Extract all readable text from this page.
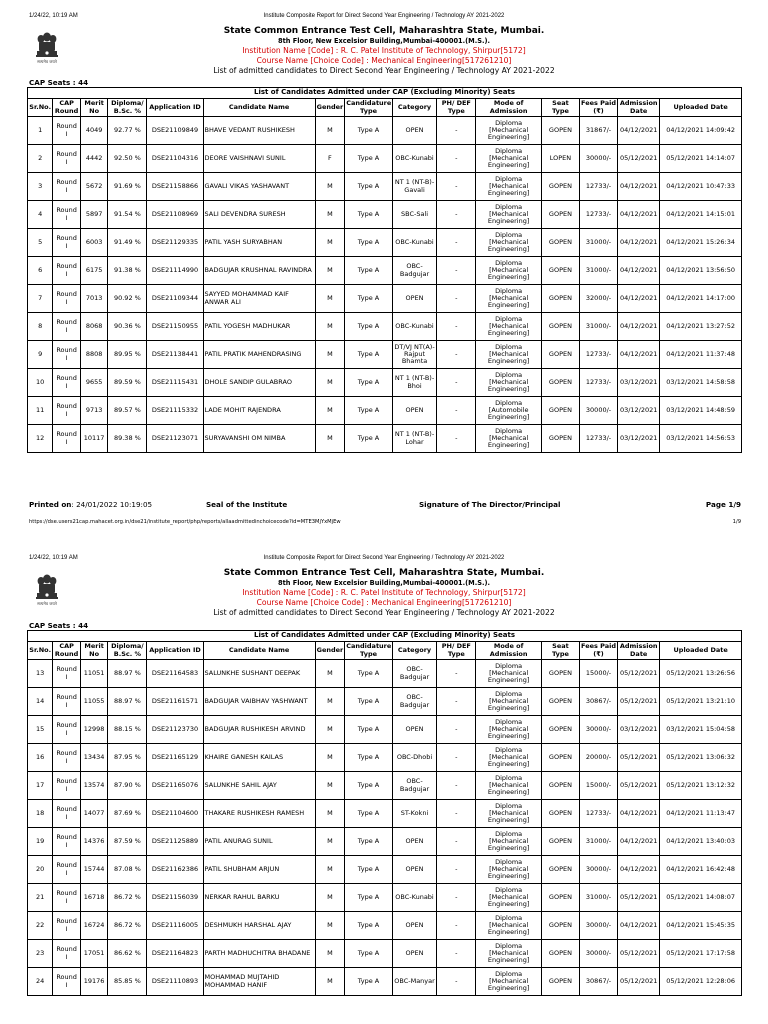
1/24/22, 10:19 AM	Institute Composite Report for Direct Second Year Engineering / Technology AY 2021-2022
सत्यमेव जयते
State Common Entrance Test Cell, Maharashtra State, Mumbai.
8th Floor, New Excelsior Building,Mumbai-400001.(M.S.).
Institution Name [Code] : R. C. Patel Institute of Technology, Shirpur[5172]
Course Name [Choice Code] : Mechanical Engineering[517261210]
List of admitted candidates to Direct Second Year Engineering / Technology AY 2021-2022
CAP Seats : 44
List of Candidates Admitted under CAP (Excluding Minority) Seats														
Sr.No.	CAP Round	Merit No	Diploma/ B.Sc. %	Application ID	Candidate Name	Gender	Candidature Type	Category	PH/ DEF Type	Mode of Admission	Seat Type	Fees Paid (₹)	Admission Date	Uploaded Date
1	Round I	4049	92.77 %	DSE21109849	BHAVE VEDANT RUSHIKESH	M	Type A	OPEN	-	Diploma [Mechanical Engineering]	GOPEN	31867/-	04/12/2021	04/12/2021 14:09:42
2	Round I	4442	92.50 %	DSE21104316	DEORE VAISHNAVI SUNIL	F	Type A	OBC-Kunabi	-	Diploma [Mechanical Engineering]	LOPEN	30000/-	05/12/2021	05/12/2021 14:14:07
3	Round I	5672	91.69 %	DSE21158866	GAVALI VIKAS YASHAVANT	M	Type A	NT 1 (NT-B)-Gavali	-	Diploma [Mechanical Engineering]	GOPEN	12733/-	04/12/2021	04/12/2021 10:47:33
4	Round I	5897	91.54 %	DSE21108969	SALI DEVENDRA SURESH	M	Type A	SBC-Sali	-	Diploma [Mechanical Engineering]	GOPEN	12733/-	04/12/2021	04/12/2021 14:15:01
5	Round I	6003	91.49 %	DSE21129335	PATIL YASH SURYABHAN	M	Type A	OBC-Kunabi	-	Diploma [Mechanical Engineering]	GOPEN	31000/-	04/12/2021	04/12/2021 15:26:34
6	Round I	6175	91.38 %	DSE21114990	BADGUJAR KRUSHNAL RAVINDRA	M	Type A	OBC-Badgujar	-	Diploma [Mechanical Engineering]	GOPEN	31000/-	04/12/2021	04/12/2021 13:56:50
7	Round I	7013	90.92 %	DSE21109344	SAYYED MOHAMMAD KAIF ANWAR ALI	M	Type A	OPEN	-	Diploma [Mechanical Engineering]	GOPEN	32000/-	04/12/2021	04/12/2021 14:17:00
8	Round I	8068	90.36 %	DSE21150955	PATIL YOGESH MADHUKAR	M	Type A	OBC-Kunabi	-	Diploma [Mechanical Engineering]	GOPEN	31000/-	04/12/2021	04/12/2021 13:27:52
9	Round I	8808	89.95 %	DSE21138441	PATIL PRATIK MAHENDRASING	M	Type A	DT/VJ NT(A)-Rajput Bhamta	-	Diploma [Mechanical Engineering]	GOPEN	12733/-	04/12/2021	04/12/2021 11:37:48
10	Round I	9655	89.59 %	DSE21115431	DHOLE SANDIP GULABRAO	M	Type A	NT 1 (NT-B)-Bhoi	-	Diploma [Mechanical Engineering]	GOPEN	12733/-	03/12/2021	03/12/2021 14:58:58
11	Round I	9713	89.57 %	DSE21115332	LADE MOHIT RAJENDRA	M	Type A	OPEN	-	Diploma [Automobile Engineering]	GOPEN	30000/-	03/12/2021	03/12/2021 14:48:59
12	Round I	10117	89.38 %	DSE21123071	SURYAVANSHI OM NIMBA	M	Type A	NT 1 (NT-B)-Lohar	-	Diploma [Mechanical Engineering]	GOPEN	12733/-	03/12/2021	03/12/2021 14:56:53
Printed on: 24/01/2022 10:19:05	Seal of the Institute	Signature of The Director/Principal	Page 1/9
https://dse.users21cap.mahacet.org.in/dse21/institute_report/php/reports/allaadmittedinchoicecode?id=MTE3MjYxMjEw	1/9
1/24/22, 10:19 AM	Institute Composite Report for Direct Second Year Engineering / Technology AY 2021-2022
सत्यमेव जयते
State Common Entrance Test Cell, Maharashtra State, Mumbai.
8th Floor, New Excelsior Building,Mumbai-400001.(M.S.).
Institution Name [Code] : R. C. Patel Institute of Technology, Shirpur[5172]
Course Name [Choice Code] : Mechanical Engineering[517261210]
List of admitted candidates to Direct Second Year Engineering / Technology AY 2021-2022
CAP Seats : 44
List of Candidates Admitted under CAP (Excluding Minority) Seats														
Sr.No.	CAP Round	Merit No	Diploma/ B.Sc. %	Application ID	Candidate Name	Gender	Candidature Type	Category	PH/ DEF Type	Mode of Admission	Seat Type	Fees Paid (₹)	Admission Date	Uploaded Date
13	Round I	11051	88.97 %	DSE21164583	SALUNKHE SUSHANT DEEPAK	M	Type A	OBC-Badgujar	-	Diploma [Mechanical Engineering]	GOPEN	15000/-	05/12/2021	05/12/2021 13:26:56
14	Round I	11055	88.97 %	DSE21161571	BADGUJAR VAIBHAV YASHWANT	M	Type A	OBC-Badgujar	-	Diploma [Mechanical Engineering]	GOPEN	30867/-	05/12/2021	05/12/2021 13:21:10
15	Round I	12998	88.15 %	DSE21123730	BADGUJAR RUSHIKESH ARVIND	M	Type A	OPEN	-	Diploma [Mechanical Engineering]	GOPEN	30000/-	03/12/2021	03/12/2021 15:04:58
16	Round I	13434	87.95 %	DSE21165129	KHAIRE GANESH KAILAS	M	Type A	OBC-Dhobi	-	Diploma [Mechanical Engineering]	GOPEN	20000/-	05/12/2021	05/12/2021 13:06:32
17	Round I	13574	87.90 %	DSE21165076	SALUNKHE SAHIL AJAY	M	Type A	OBC-Badgujar	-	Diploma [Mechanical Engineering]	GOPEN	15000/-	05/12/2021	05/12/2021 13:12:32
18	Round I	14077	87.69 %	DSE21104600	THAKARE RUSHIKESH RAMESH	M	Type A	ST-Kokni	-	Diploma [Mechanical Engineering]	GOPEN	12733/-	04/12/2021	04/12/2021 11:13:47
19	Round I	14376	87.59 %	DSE21125889	PATIL ANURAG SUNIL	M	Type A	OPEN	-	Diploma [Mechanical Engineering]	GOPEN	31000/-	04/12/2021	04/12/2021 13:40:03
20	Round I	15744	87.08 %	DSE21162386	PATIL SHUBHAM ARJUN	M	Type A	OPEN	-	Diploma [Mechanical Engineering]	GOPEN	30000/-	04/12/2021	04/12/2021 16:42:48
21	Round I	16718	86.72 %	DSE21156039	NERKAR RAHUL BARKU	M	Type A	OBC-Kunabi	-	Diploma [Mechanical Engineering]	GOPEN	31000/-	05/12/2021	05/12/2021 14:08:07
22	Round I	16724	86.72 %	DSE21116005	DESHMUKH HARSHAL AJAY	M	Type A	OPEN	-	Diploma [Mechanical Engineering]	GOPEN	30000/-	04/12/2021	04/12/2021 15:45:35
23	Round I	17051	86.62 %	DSE21164823	PARTH MADHUCHITRA BHADANE	M	Type A	OPEN	-	Diploma [Mechanical Engineering]	GOPEN	30000/-	05/12/2021	05/12/2021 17:17:58
24	Round I	19176	85.85 %	DSE21110893	MOHAMMAD MUJTAHID MOHAMMAD HANIF	M	Type A	OBC-Manyar	-	Diploma [Mechanical Engineering]	GOPEN	30867/-	05/12/2021	05/12/2021 12:28:06
